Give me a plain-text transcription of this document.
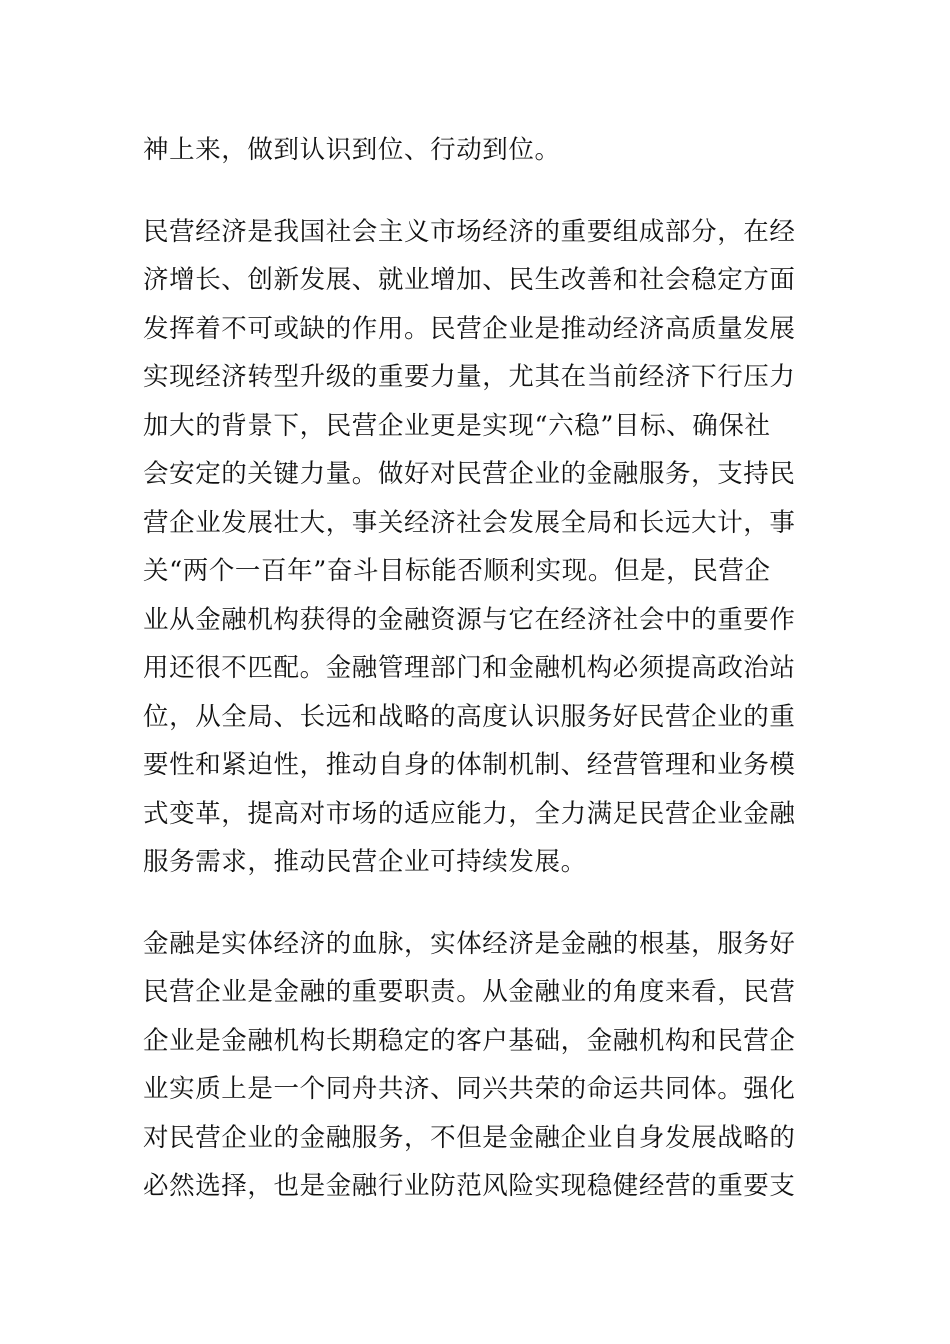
神上来，做到认识到位、行动到位。

民营经济是我国社会主义市场经济的重要组成部分，在经
济增长、创新发展、就业增加、民生改善和社会稳定方面
发挥着不可或缺的作用。民营企业是推动经济高质量发展
实现经济转型升级的重要力量，尤其在当前经济下行压力
加大的背景下，民营企业更是实现“六稳”目标、确保社
会安定的关键力量。做好对民营企业的金融服务，支持民
营企业发展壮大，事关经济社会发展全局和长远大计，事
关“两个一百年”奋斗目标能否顺利实现。但是，民营企
业从金融机构获得的金融资源与它在经济社会中的重要作
用还很不匹配。金融管理部门和金融机构必须提高政治站
位，从全局、长远和战略的高度认识服务好民营企业的重
要性和紧迫性，推动自身的体制机制、经营管理和业务模
式变革，提高对市场的适应能力，全力满足民营企业金融
服务需求，推动民营企业可持续发展。

金融是实体经济的血脉，实体经济是金融的根基，服务好
民营企业是金融的重要职责。从金融业的角度来看，民营
企业是金融机构长期稳定的客户基础，金融机构和民营企
业实质上是一个同舟共济、同兴共荣的命运共同体。强化
对民营企业的金融服务，不但是金融企业自身发展战略的
必然选择，也是金融行业防范风险实现稳健经营的重要支
